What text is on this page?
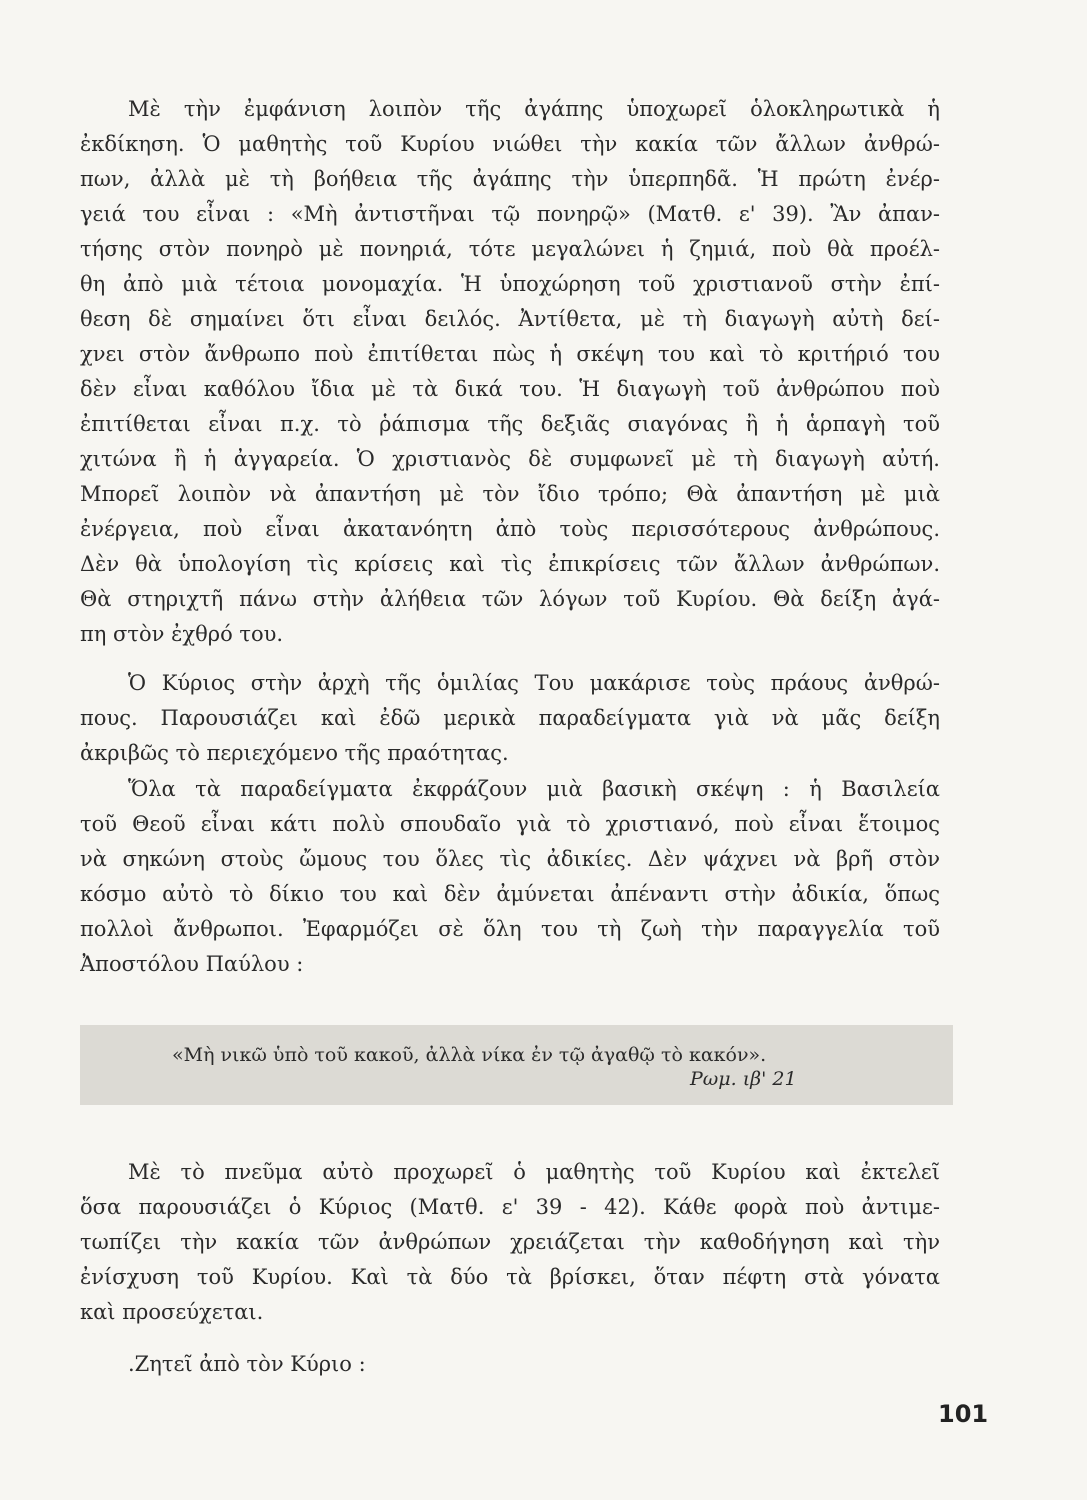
Μὲ τὴν ἐμφάνιση λοιπὸν τῆς ἀγάπης ὑποχωρεῖ ὁλοκληρωτικὰ ἡ
ἐκδίκηση. Ὁ μαθητὴς τοῦ Κυρίου νιώθει τὴν κακία τῶν ἄλλων ἀνθρώ-
πων, ἀλλὰ μὲ τὴ βοήθεια τῆς ἀγάπης τὴν ὑπερπηδᾶ. Ἡ πρώτη ἐνέρ-
γειά του εἶναι : «Μὴ ἀντιστῆναι τῷ πονηρῷ» (Ματθ. ε' 39). Ἂν ἀπαν-
τήσης στὸν πονηρὸ μὲ πονηριά, τότε μεγαλώνει ἡ ζημιά, ποὺ θὰ προέλ-
θη ἀπὸ μιὰ τέτοια μονομαχία. Ἡ ὑποχώρηση τοῦ χριστιανοῦ στὴν ἐπί-
θεση δὲ σημαίνει ὅτι εἶναι δειλός. Ἀντίθετα, μὲ τὴ διαγωγὴ αὐτὴ δεί-
χνει στὸν ἄνθρωπο ποὺ ἐπιτίθεται πὼς ἡ σκέψη του καὶ τὸ κριτήριό του
δὲν εἶναι καθόλου ἴδια μὲ τὰ δικά του. Ἡ διαγωγὴ τοῦ ἀνθρώπου ποὺ
ἐπιτίθεται εἶναι π.χ. τὸ ῥάπισμα τῆς δεξιᾶς σιαγόνας ἢ ἡ ἁρπαγὴ τοῦ
χιτώνα ἢ ἡ ἀγγαρεία. Ὁ χριστιανὸς δὲ συμφωνεῖ μὲ τὴ διαγωγὴ αὐτή.
Μπορεῖ λοιπὸν νὰ ἀπαντήση μὲ τὸν ἴδιο τρόπο; Θὰ ἀπαντήση μὲ μιὰ
ἐνέργεια, ποὺ εἶναι ἀκατανόητη ἀπὸ τοὺς περισσότερους ἀνθρώπους.
Δὲν θὰ ὑπολογίση τὶς κρίσεις καὶ τὶς ἐπικρίσεις τῶν ἄλλων ἀνθρώπων.
Θὰ στηριχτῆ πάνω στὴν ἀλήθεια τῶν λόγων τοῦ Κυρίου. Θὰ δείξη ἀγά-
πη στὸν ἐχθρό του.
Ὁ Κύριος στὴν ἀρχὴ τῆς ὁμιλίας Του μακάρισε τοὺς πράους ἀνθρώ-
πους. Παρουσιάζει καὶ ἐδῶ μερικὰ παραδείγματα γιὰ νὰ μᾶς δείξη
ἀκριβῶς τὸ περιεχόμενο τῆς πραότητας.
Ὅλα τὰ παραδείγματα ἐκφράζουν μιὰ βασικὴ σκέψη : ἡ Βασιλεία
τοῦ Θεοῦ εἶναι κάτι πολὺ σπουδαῖο γιὰ τὸ χριστιανό, ποὺ εἶναι ἕτοιμος
νὰ σηκώνη στοὺς ὤμους του ὅλες τὶς ἀδικίες. Δὲν ψάχνει νὰ βρῆ στὸν
κόσμο αὐτὸ τὸ δίκιο του καὶ δὲν ἀμύνεται ἀπέναντι στὴν ἀδικία, ὅπως
πολλοὶ ἄνθρωποι. Ἐφαρμόζει σὲ ὅλη του τὴ ζωὴ τὴν παραγγελία τοῦ
Ἀποστόλου Παύλου :
«Μὴ νικῶ ὑπὸ τοῦ κακοῦ, ἀλλὰ νίκα ἐν τῷ ἀγαθῷ τὸ κακόν».
Ρωμ. ιβ' 21
Μὲ τὸ πνεῦμα αὐτὸ προχωρεῖ ὁ μαθητὴς τοῦ Κυρίου καὶ ἐκτελεῖ
ὅσα παρουσιάζει ὁ Κύριος (Ματθ. ε' 39 - 42). Κάθε φορὰ ποὺ ἀντιμε-
τωπίζει τὴν κακία τῶν ἀνθρώπων χρειάζεται τὴν καθοδήγηση καὶ τὴν
ἐνίσχυση τοῦ Κυρίου. Καὶ τὰ δύο τὰ βρίσκει, ὅταν πέφτη στὰ γόνατα
καὶ προσεύχεται.
.Ζητεῖ ἀπὸ τὸν Κύριο :
101
